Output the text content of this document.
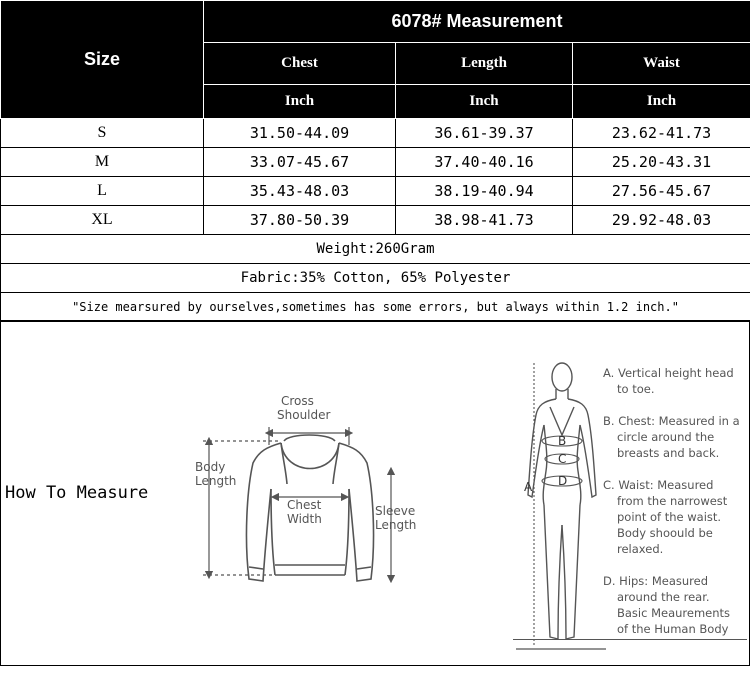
Size	6078# Measurement		
	Chest	Length	Waist
	Inch	Inch	Inch
S	31.50-44.09	36.61-39.37	23.62-41.73
M	33.07-45.67	37.40-40.16	25.20-43.31
L	35.43-48.03	38.19-40.94	27.56-45.67
XL	37.80-50.39	38.98-41.73	29.92-48.03
Weight:260Gram			
Fabric:35% Cotton, 65% Polyester			
"Size mearsured by ourselves,sometimes has some errors, but always within 1.2 inch."			
How To Measure
Cross
Shoulder
Body
Length
Chest
Width
Sleeve
Length
B
C
D
A
A. Vertical height head
to toe.
B. Chest: Measured in a
circle around the
breasts and back.
C. Waist: Measured
from the narrowest
point of the waist.
Body shoould be
relaxed.
D. Hips: Measured
around the rear.
Basic Meaurements
of the Human Body
